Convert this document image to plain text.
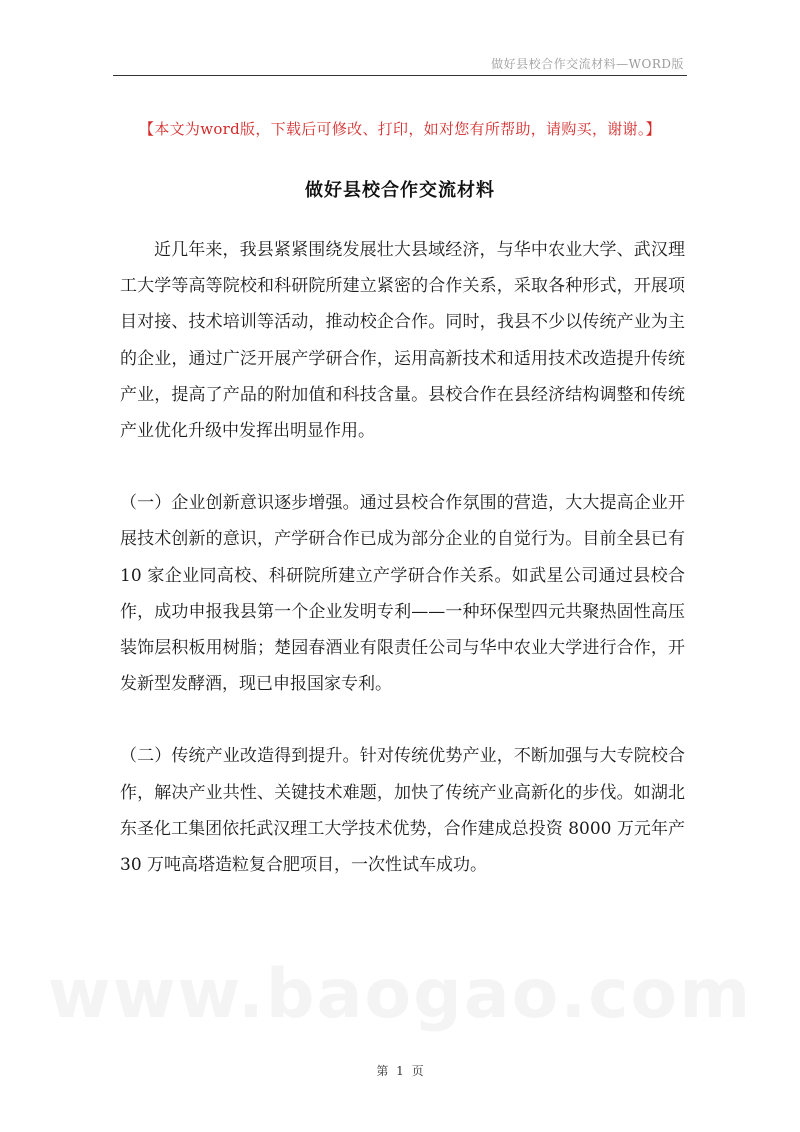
做好县校合作交流材料—WORD版
【本文为word版，下载后可修改、打印，如对您有所帮助，请购买，谢谢。】
做好县校合作交流材料

近几年来，我县紧紧围绕发展壮大县域经济，与华中农业大学、武汉理工大学等高等院校和科研院所建立紧密的合作关系，采取各种形式，开展项目对接、技术培训等活动，推动校企合作。同时，我县不少以传统产业为主的企业，通过广泛开展产学研合作，运用高新技术和适用技术改造提升传统产业，提高了产品的附加值和科技含量。县校合作在县经济结构调整和传统产业优化升级中发挥出明显作用。

（一）企业创新意识逐步增强。通过县校合作氛围的营造，大大提高企业开展技术创新的意识，产学研合作已成为部分企业的自觉行为。目前全县已有 10 家企业同高校、科研院所建立产学研合作关系。如武星公司通过县校合作，成功申报我县第一个企业发明专利——一种环保型四元共聚热固性高压装饰层积板用树脂；楚园春酒业有限责任公司与华中农业大学进行合作，开发新型发酵酒，现已申报国家专利。

（二）传统产业改造得到提升。针对传统优势产业，不断加强与大专院校合作，解决产业共性、关键技术难题，加快了传统产业高新化的步伐。如湖北东圣化工集团依托武汉理工大学技术优势，合作建成总投资 8000 万元年产 30 万吨高塔造粒复合肥项目，一次性试车成功。

www.baogao.com
第 1 页
